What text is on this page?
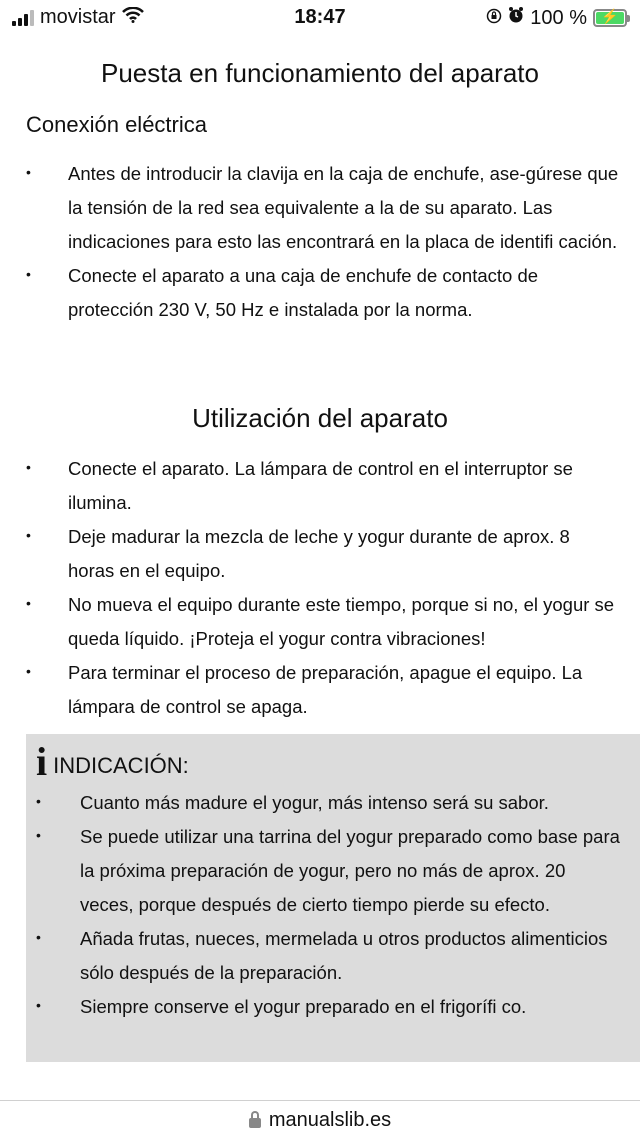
movistar	18:47	100 %	⚡
Puesta en funcionamiento del aparato
Conexión eléctrica
• Antes de introducir la clavija en la caja de enchufe, ase-gúrese que la tensión de la red sea equivalente a la de su aparato. Las indicaciones para esto las encontrará en la placa de identifi cación.
• Conecte el aparato a una caja de enchufe de contacto de protección 230 V, 50 Hz e instalada por la norma.
Utilización del aparato
• Conecte el aparato. La lámpara de control en el interruptor se ilumina.
• Deje madurar la mezcla de leche y yogur durante de aprox. 8 horas en el equipo.
• No mueva el equipo durante este tiempo, porque si no, el yogur se queda líquido. ¡Proteja el yogur contra vibraciones!
• Para terminar el proceso de preparación, apague el equipo. La lámpara de control se apaga.
i INDICACIÓN:
• Cuanto más madure el yogur, más intenso será su sabor.
• Se puede utilizar una tarrina del yogur preparado como base para la próxima preparación de yogur, pero no más de aprox. 20 veces, porque después de cierto tiempo pierde su efecto.
• Añada frutas, nueces, mermelada u otros productos alimenticios sólo después de la preparación.
• Siempre conserve el yogur preparado en el frigorífi co.
manualslib.es
